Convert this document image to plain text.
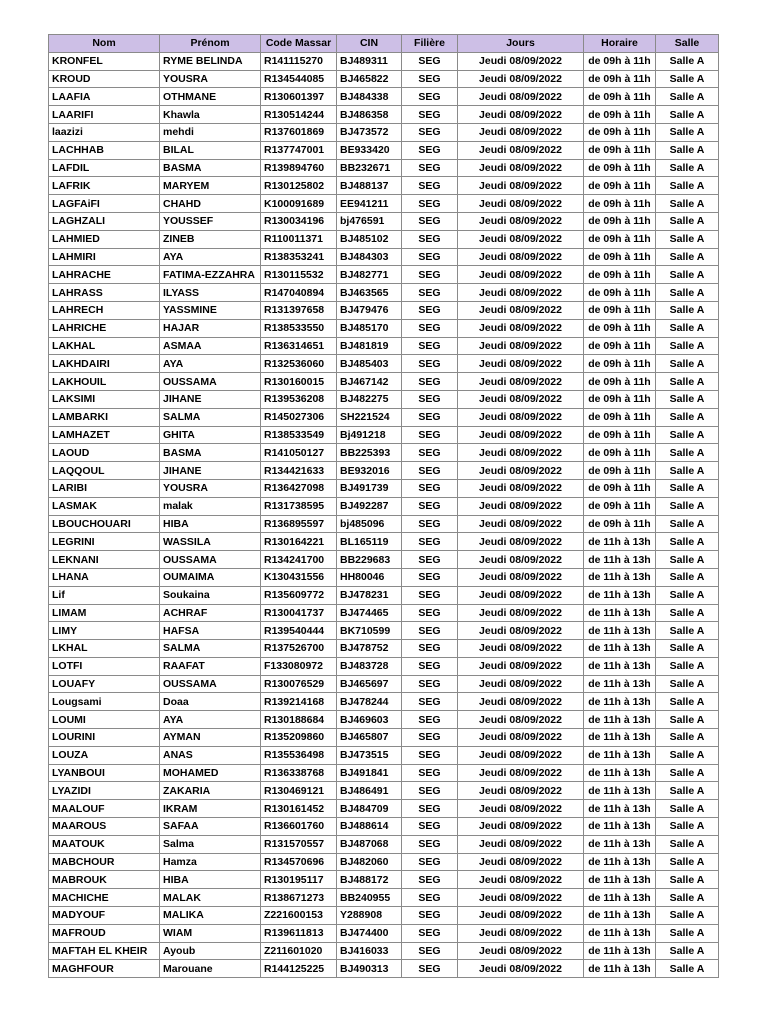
Nom	Prénom	Code Massar	CIN	Filière	Jours	Horaire	Salle
KRONFEL	RYME BELINDA	R141115270	BJ489311	SEG	Jeudi 08/09/2022	de 09h à 11h	Salle A
KROUD	YOUSRA	R134544085	BJ465822	SEG	Jeudi 08/09/2022	de 09h à 11h	Salle A
LAAFIA	OTHMANE	R130601397	BJ484338	SEG	Jeudi 08/09/2022	de 09h à 11h	Salle A
LAARIFI	Khawla	R130514244	BJ486358	SEG	Jeudi 08/09/2022	de 09h à 11h	Salle A
laazizi	mehdi	R137601869	BJ473572	SEG	Jeudi 08/09/2022	de 09h à 11h	Salle A
LACHHAB	BILAL	R137747001	BE933420	SEG	Jeudi 08/09/2022	de 09h à 11h	Salle A
LAFDIL	BASMA	R139894760	BB232671	SEG	Jeudi 08/09/2022	de 09h à 11h	Salle A
LAFRIK	MARYEM	R130125802	BJ488137	SEG	Jeudi 08/09/2022	de 09h à 11h	Salle A
LAGFAiFI	CHAHD	K100091689	EE941211	SEG	Jeudi 08/09/2022	de 09h à 11h	Salle A
LAGHZALI	YOUSSEF	R130034196	bj476591	SEG	Jeudi 08/09/2022	de 09h à 11h	Salle A
LAHMIED	ZINEB	R110011371	BJ485102	SEG	Jeudi 08/09/2022	de 09h à 11h	Salle A
LAHMIRI	AYA	R138353241	BJ484303	SEG	Jeudi 08/09/2022	de 09h à 11h	Salle A
LAHRACHE	FATIMA-EZZAHRA	R130115532	BJ482771	SEG	Jeudi 08/09/2022	de 09h à 11h	Salle A
LAHRASS	ILYASS	R147040894	BJ463565	SEG	Jeudi 08/09/2022	de 09h à 11h	Salle A
LAHRECH	YASSMINE	R131397658	BJ479476	SEG	Jeudi 08/09/2022	de 09h à 11h	Salle A
LAHRICHE	HAJAR	R138533550	BJ485170	SEG	Jeudi 08/09/2022	de 09h à 11h	Salle A
LAKHAL	ASMAA	R136314651	BJ481819	SEG	Jeudi 08/09/2022	de 09h à 11h	Salle A
LAKHDAIRI	AYA	R132536060	BJ485403	SEG	Jeudi 08/09/2022	de 09h à 11h	Salle A
LAKHOUIL	OUSSAMA	R130160015	BJ467142	SEG	Jeudi 08/09/2022	de 09h à 11h	Salle A
LAKSIMI	JIHANE	R139536208	BJ482275	SEG	Jeudi 08/09/2022	de 09h à 11h	Salle A
LAMBARKI	SALMA	R145027306	SH221524	SEG	Jeudi 08/09/2022	de 09h à 11h	Salle A
LAMHAZET	GHITA	R138533549	Bj491218	SEG	Jeudi 08/09/2022	de 09h à 11h	Salle A
LAOUD	BASMA	R141050127	BB225393	SEG	Jeudi 08/09/2022	de 09h à 11h	Salle A
LAQQOUL	JIHANE	R134421633	BE932016	SEG	Jeudi 08/09/2022	de 09h à 11h	Salle A
LARIBI	YOUSRA	R136427098	BJ491739	SEG	Jeudi 08/09/2022	de 09h à 11h	Salle A
LASMAK	malak	R131738595	BJ492287	SEG	Jeudi 08/09/2022	de 09h à 11h	Salle A
LBOUCHOUARI	HIBA	R136895597	bj485096	SEG	Jeudi 08/09/2022	de 09h à 11h	Salle A
LEGRINI	WASSILA	R130164221	BL165119	SEG	Jeudi 08/09/2022	de 11h à 13h	Salle A
LEKNANI	OUSSAMA	R134241700	BB229683	SEG	Jeudi 08/09/2022	de 11h à 13h	Salle A
LHANA	OUMAIMA	K130431556	HH80046	SEG	Jeudi 08/09/2022	de 11h à 13h	Salle A
Lif	Soukaina	R135609772	BJ478231	SEG	Jeudi 08/09/2022	de 11h à 13h	Salle A
LIMAM	ACHRAF	R130041737	BJ474465	SEG	Jeudi 08/09/2022	de 11h à 13h	Salle A
LIMY	HAFSA	R139540444	BK710599	SEG	Jeudi 08/09/2022	de 11h à 13h	Salle A
LKHAL	SALMA	R137526700	BJ478752	SEG	Jeudi 08/09/2022	de 11h à 13h	Salle A
LOTFI	RAAFAT	F133080972	BJ483728	SEG	Jeudi 08/09/2022	de 11h à 13h	Salle A
LOUAFY	OUSSAMA	R130076529	BJ465697	SEG	Jeudi 08/09/2022	de 11h à 13h	Salle A
Lougsami	Doaa	R139214168	BJ478244	SEG	Jeudi 08/09/2022	de 11h à 13h	Salle A
LOUMI	AYA	R130188684	BJ469603	SEG	Jeudi 08/09/2022	de 11h à 13h	Salle A
LOURINI	AYMAN	R135209860	BJ465807	SEG	Jeudi 08/09/2022	de 11h à 13h	Salle A
LOUZA	ANAS	R135536498	BJ473515	SEG	Jeudi 08/09/2022	de 11h à 13h	Salle A
LYANBOUI	MOHAMED	R136338768	BJ491841	SEG	Jeudi 08/09/2022	de 11h à 13h	Salle A
LYAZIDI	ZAKARIA	R130469121	BJ486491	SEG	Jeudi 08/09/2022	de 11h à 13h	Salle A
MAALOUF	IKRAM	R130161452	BJ484709	SEG	Jeudi 08/09/2022	de 11h à 13h	Salle A
MAAROUS	SAFAA	R136601760	BJ488614	SEG	Jeudi 08/09/2022	de 11h à 13h	Salle A
MAATOUK	Salma	R131570557	BJ487068	SEG	Jeudi 08/09/2022	de 11h à 13h	Salle A
MABCHOUR	Hamza	R134570696	BJ482060	SEG	Jeudi 08/09/2022	de 11h à 13h	Salle A
MABROUK	HIBA	R130195117	BJ488172	SEG	Jeudi 08/09/2022	de 11h à 13h	Salle A
MACHICHE	MALAK	R138671273	BB240955	SEG	Jeudi 08/09/2022	de 11h à 13h	Salle A
MADYOUF	MALIKA	Z221600153	Y288908	SEG	Jeudi 08/09/2022	de 11h à 13h	Salle A
MAFROUD	WIAM	R139611813	BJ474400	SEG	Jeudi 08/09/2022	de 11h à 13h	Salle A
MAFTAH EL KHEIR	Ayoub	Z211601020	BJ416033	SEG	Jeudi 08/09/2022	de 11h à 13h	Salle A
MAGHFOUR	Marouane	R144125225	BJ490313	SEG	Jeudi 08/09/2022	de 11h à 13h	Salle A
